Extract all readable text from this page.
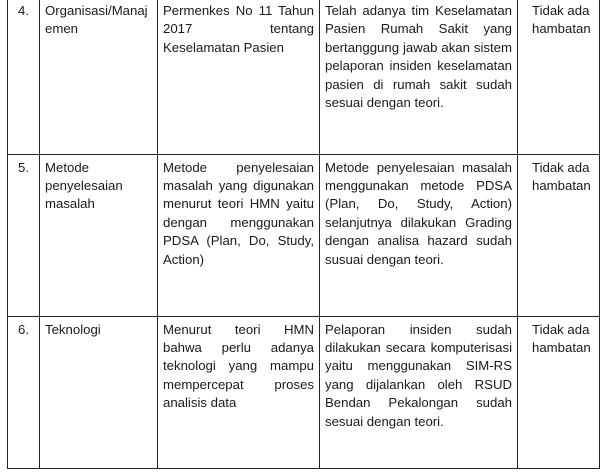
4.	Organisasi/Manajemen	Permenkes No 11 Tahun 2017 tentang Keselamatan Pasien	Telah adanya tim Keselamatan Pasien Rumah Sakit yang bertanggung jawab akan sistem pelaporan insiden keselamatan pasien di rumah sakit sudah sesuai dengan teori.	Tidak ada hambatan
5.	Metode penyelesaian masalah	Metode penyelesaian masalah yang digunakan menurut teori HMN yaitu dengan menggunakan PDSA (Plan, Do, Study, Action)	Metode penyelesaian masalah menggunakan metode PDSA (Plan, Do, Study, Action) selanjutnya dilakukan Grading dengan analisa hazard sudah susuai dengan teori.	Tidak ada hambatan
6.	Teknologi	Menurut teori HMN bahwa perlu adanya teknologi yang mampu mempercepat proses analisis data	Pelaporan insiden sudah dilakukan secara komputerisasi yaitu menggunakan SIM-RS yang dijalankan oleh RSUD Bendan Pekalongan sudah sesuai dengan teori.	Tidak ada hambatan
